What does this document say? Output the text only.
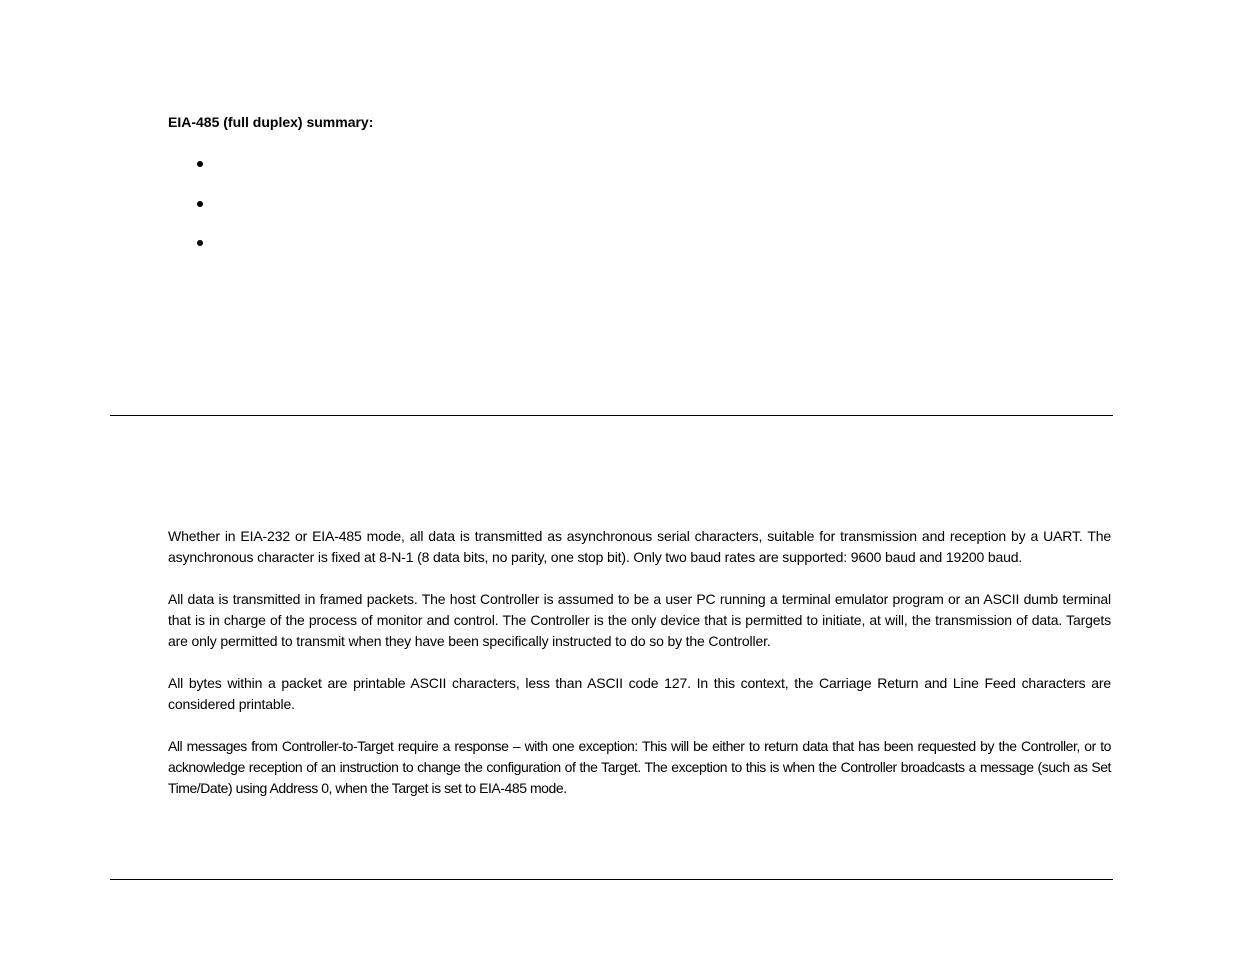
EIA-485 (full duplex) summary:

Whether in EIA-232 or EIA-485 mode, all data is transmitted as asynchronous serial characters, suitable for transmission and reception by a UART. The asynchronous character is fixed at 8-N-1 (8 data bits, no parity, one stop bit). Only two baud rates are supported: 9600 baud and 19200 baud.

All data is transmitted in framed packets. The host Controller is assumed to be a user PC running a terminal emulator program or an ASCII dumb terminal that is in charge of the process of monitor and control. The Controller is the only device that is permitted to initiate, at will, the transmission of data. Targets are only permitted to transmit when they have been specifically instructed to do so by the Controller.

All bytes within a packet are printable ASCII characters, less than ASCII code 127. In this context, the Carriage Return and Line Feed characters are considered printable.

All messages from Controller-to-Target require a response – with one exception: This will be either to return data that has been requested by the Controller, or to acknowledge reception of an instruction to change the configuration of the Target. The exception to this is when the Controller broadcasts a message (such as Set Time/Date) using Address 0, when the Target is set to EIA-485 mode.
